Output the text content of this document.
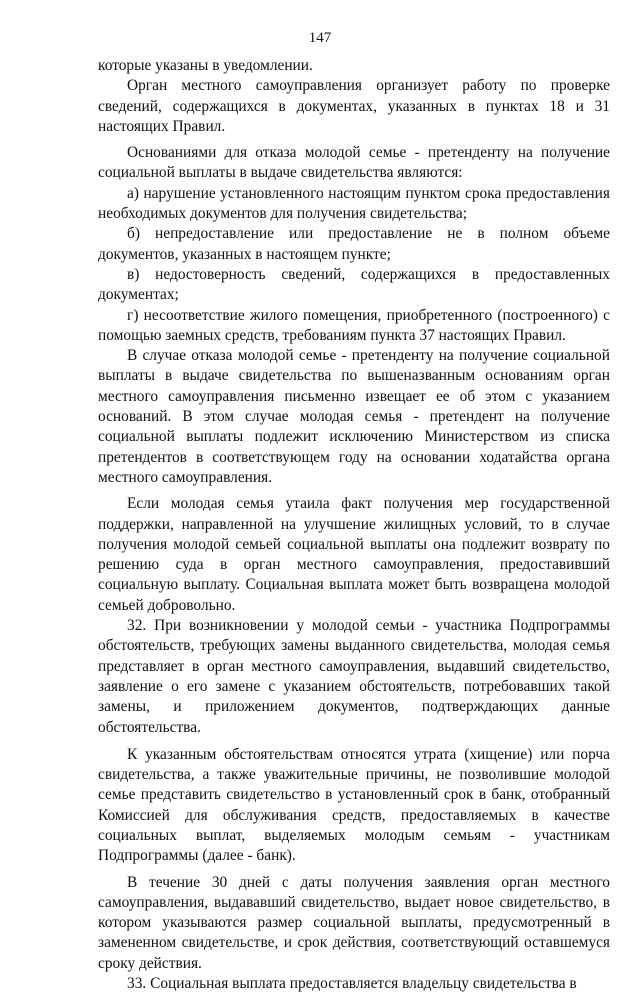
147

которые указаны в уведомлении.

Орган местного самоуправления организует работу по проверке сведений, содержащихся в документах, указанных в пунктах 18 и 31 настоящих Правил.

Основаниями для отказа молодой семье - претенденту на получение социальной выплаты в выдаче свидетельства являются:

а) нарушение установленного настоящим пунктом срока предоставления необходимых документов для получения свидетельства;

б) непредоставление или предоставление не в полном объеме документов, указанных в настоящем пункте;

в) недостоверность сведений, содержащихся в предоставленных документах;

г) несоответствие жилого помещения, приобретенного (построенного) с помощью заемных средств, требованиям пункта 37 настоящих Правил.

В случае отказа молодой семье - претенденту на получение социальной выплаты в выдаче свидетельства по вышеназванным основаниям орган местного самоуправления письменно извещает ее об этом с указанием оснований. В этом случае молодая семья - претендент на получение социальной выплаты подлежит исключению Министерством из списка претендентов в соответствующем году на основании ходатайства органа местного самоуправления.

Если молодая семья утаила факт получения мер государственной поддержки, направленной на улучшение жилищных условий, то в случае получения молодой семьей социальной выплаты она подлежит возврату по решению суда в орган местного самоуправления, предоставивший социальную выплату. Социальная выплата может быть возвращена молодой семьей добровольно.

32. При возникновении у молодой семьи - участника Подпрограммы обстоятельств, требующих замены выданного свидетельства, молодая семья представляет в орган местного самоуправления, выдавший свидетельство, заявление о его замене с указанием обстоятельств, потребовавших такой замены, и приложением документов, подтверждающих данные обстоятельства.

К указанным обстоятельствам относятся утрата (хищение) или порча свидетельства, а также уважительные причины, не позволившие молодой семье представить свидетельство в установленный срок в банк, отобранный Комиссией для обслуживания средств, предоставляемых в качестве социальных выплат, выделяемых молодым семьям - участникам Подпрограммы (далее - банк).

В течение 30 дней с даты получения заявления орган местного самоуправления, выдававший свидетельство, выдает новое свидетельство, в котором указываются размер социальной выплаты, предусмотренный в замененном свидетельстве, и срок действия, соответствующий оставшемуся сроку действия.

33. Социальная выплата предоставляется владельцу свидетельства в
